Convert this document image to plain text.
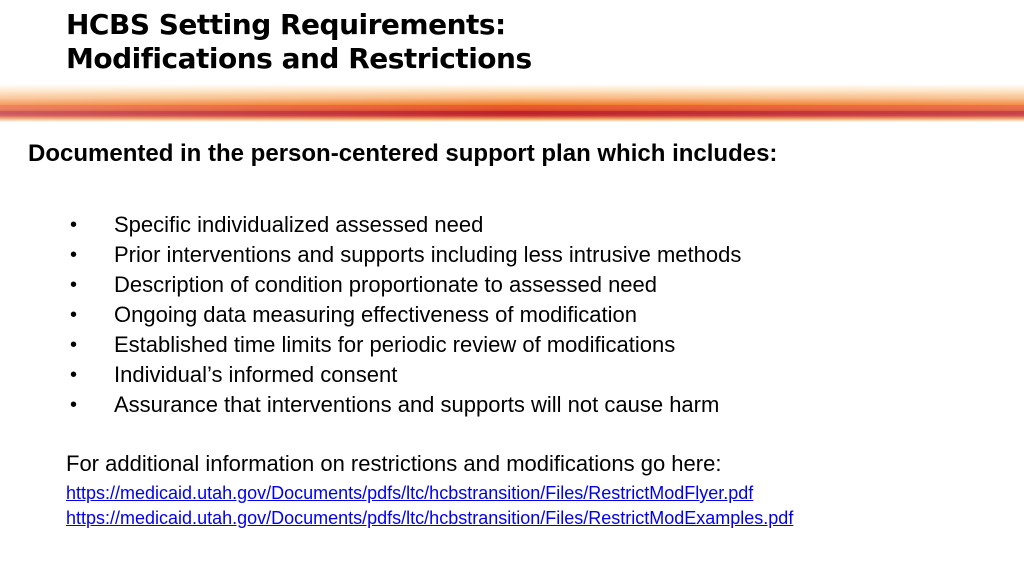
HCBS Setting Requirements:
Modifications and Restrictions
Documented in the person-centered support plan which includes:
• Specific individualized assessed need
• Prior interventions and supports including less intrusive methods
• Description of condition proportionate to assessed need
• Ongoing data measuring effectiveness of modification
• Established time limits for periodic review of modifications
• Individual’s informed consent
• Assurance that interventions and supports will not cause harm
For additional information on restrictions and modifications go here:
https://medicaid.utah.gov/Documents/pdfs/ltc/hcbstransition/Files/RestrictModFlyer.pdf
https://medicaid.utah.gov/Documents/pdfs/ltc/hcbstransition/Files/RestrictModExamples.pdf
